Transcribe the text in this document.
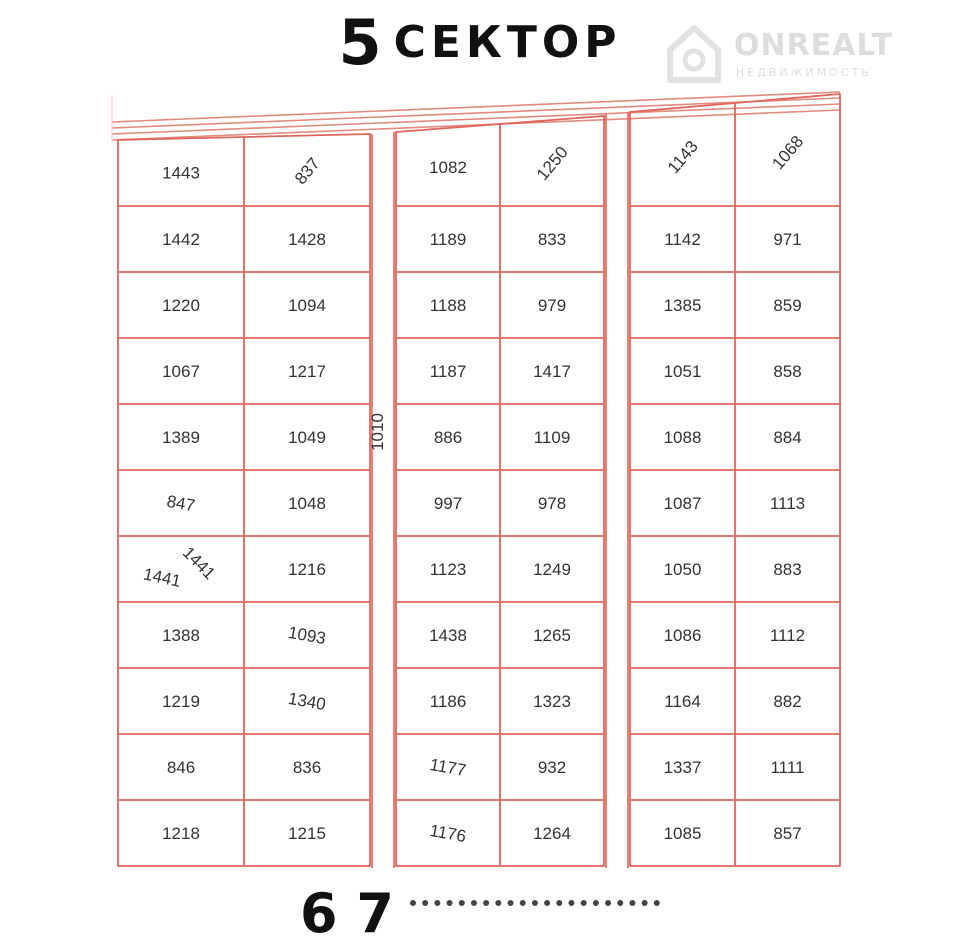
5 СЕКТОР	ONREALT
НЕДВИЖИМОСТЬ
1010
1443	837
1442	1428
1220	1094
1067	1217
1389	1049
847	1048
1441
1441	1216
1388	1093
1219	1340
846	836
1218	1215
1082	1250
1189	833
1188	979
1187	1417
886	1109
997	978
1123	1249
1438	1265
1186	1323
1177	932
1176	1264
1143	1068
1142	971
1385	859
1051	858
1088	884
1087	1113
1050	883
1086	1112
1164	882
1337	1111
1085	857
6 7
